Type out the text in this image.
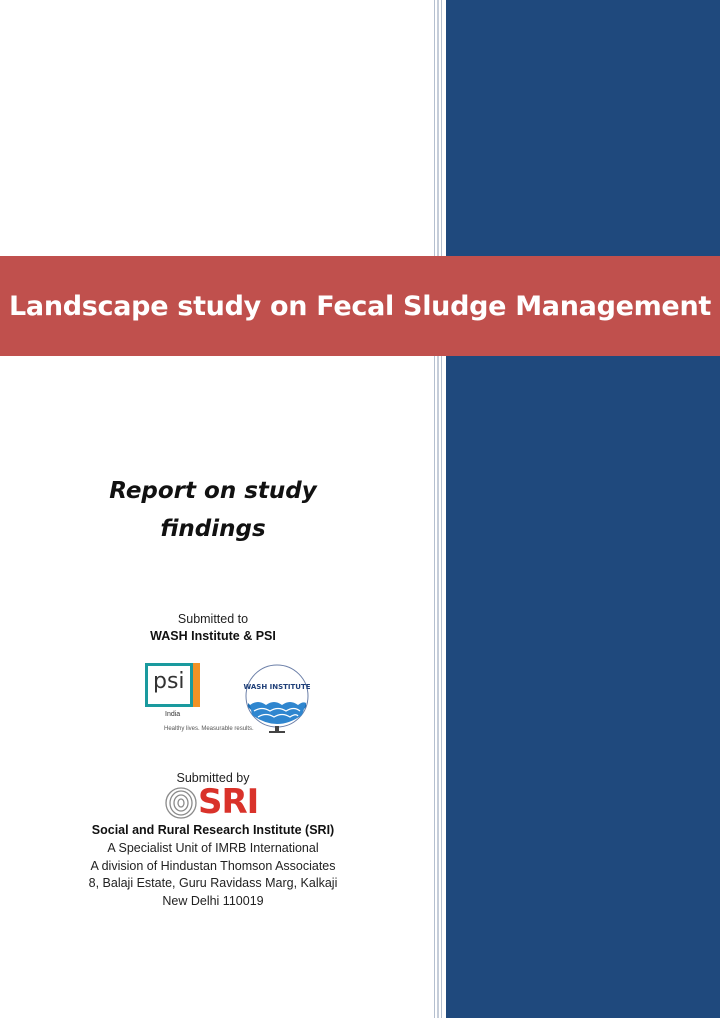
Landscape study on Fecal Sludge Management
Report on study
findings
Submitted to
WASH Institute & PSI
psi
India
Healthy lives. Measurable results.
WASH INSTITUTE
Submitted by
SRI
Social and Rural Research Institute (SRI)
A Specialist Unit of IMRB International
A division of Hindustan Thomson Associates
8, Balaji Estate, Guru Ravidass Marg, Kalkaji
New Delhi 110019
